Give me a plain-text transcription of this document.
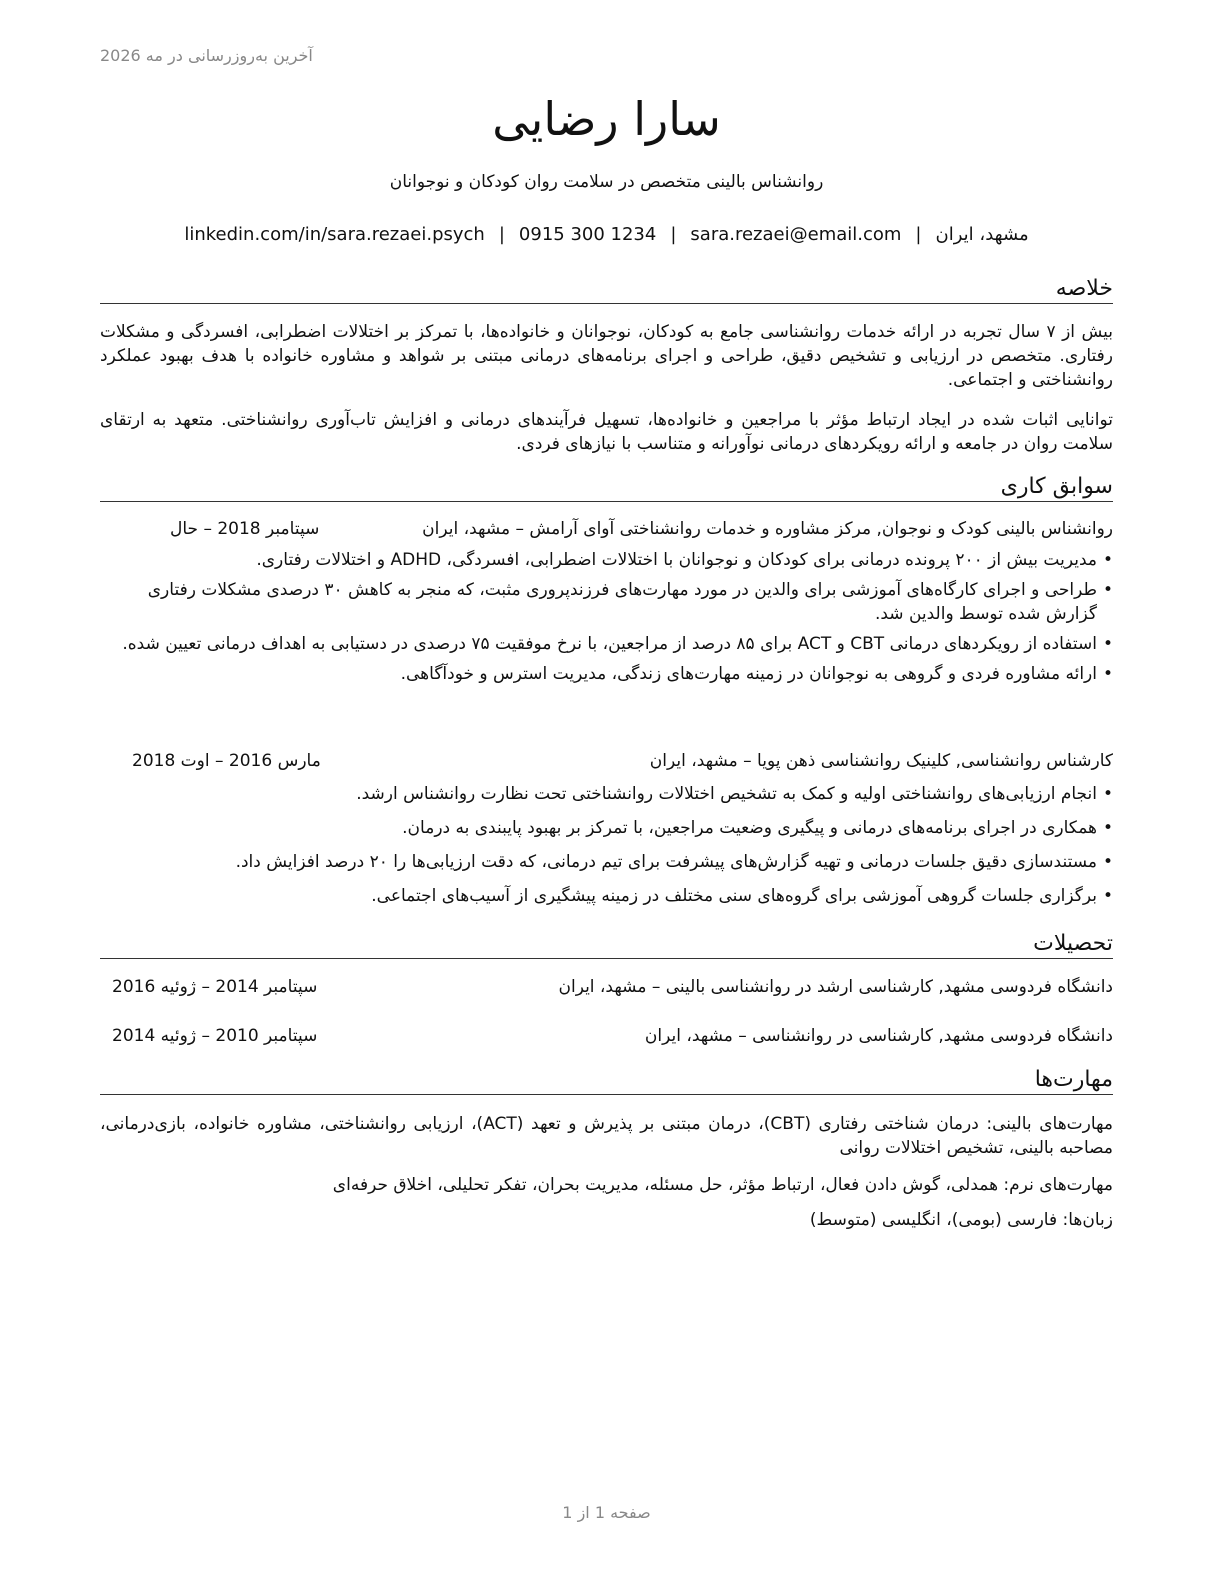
آخرین به‌روزرسانی در مه 2026
سارا رضایی
روانشناس بالینی متخصص در سلامت روان کودکان و نوجوانان
مشهد، ایران|sara.rezaei@email.com|0915 300 1234|linkedin.com/in/sara.rezaei.psych
خلاصه

بیش از ۷ سال تجربه در ارائه خدمات روانشناسی جامع به کودکان، نوجوانان و خانواده‌ها، با تمرکز بر اختلالات اضطرابی، افسردگی و مشکلات رفتاری. متخصص در ارزیابی و تشخیص دقیق، طراحی و اجرای برنامه‌های درمانی مبتنی بر شواهد و مشاوره خانواده با هدف بهبود عملکرد روانشناختی و اجتماعی.

توانایی اثبات شده در ایجاد ارتباط مؤثر با مراجعین و خانواده‌ها، تسهیل فرآیندهای درمانی و افزایش تاب‌آوری روانشناختی. متعهد به ارتقای سلامت روان در جامعه و ارائه رویکردهای درمانی نوآورانه و متناسب با نیازهای فردی.

سوابق کاری
روانشناس بالینی کودک و نوجوان, مرکز مشاوره و خدمات روانشناختی آوای آرامش – مشهد، ایران
سپتامبر 2018 – حال
• مدیریت بیش از ۲۰۰ پرونده درمانی برای کودکان و نوجوانان با اختلالات اضطرابی، افسردگی، ADHD و اختلالات رفتاری.
• طراحی و اجرای کارگاه‌های آموزشی برای والدین در مورد مهارت‌های فرزندپروری مثبت، که منجر به کاهش ۳۰ درصدی مشکلات رفتاری گزارش شده توسط والدین شد.
• استفاده از رویکردهای درمانی CBT و ACT برای ۸۵ درصد از مراجعین، با نرخ موفقیت ۷۵ درصدی در دستیابی به اهداف درمانی تعیین شده.
• ارائه مشاوره فردی و گروهی به نوجوانان در زمینه مهارت‌های زندگی، مدیریت استرس و خودآگاهی.
کارشناس روانشناسی, کلینیک روانشناسی ذهن پویا – مشهد، ایران
مارس 2016 – اوت 2018
• انجام ارزیابی‌های روانشناختی اولیه و کمک به تشخیص اختلالات روانشناختی تحت نظارت روانشناس ارشد.
• همکاری در اجرای برنامه‌های درمانی و پیگیری وضعیت مراجعین، با تمرکز بر بهبود پایبندی به درمان.
• مستندسازی دقیق جلسات درمانی و تهیه گزارش‌های پیشرفت برای تیم درمانی، که دقت ارزیابی‌ها را ۲۰ درصد افزایش داد.
• برگزاری جلسات گروهی آموزشی برای گروه‌های سنی مختلف در زمینه پیشگیری از آسیب‌های اجتماعی.
تحصیلات
دانشگاه فردوسی مشهد, کارشناسی ارشد در روانشناسی بالینی – مشهد، ایران
سپتامبر 2014 – ژوئیه 2016
دانشگاه فردوسی مشهد, کارشناسی در روانشناسی – مشهد، ایران
سپتامبر 2010 – ژوئیه 2014
مهارت‌ها

مهارت‌های بالینی: درمان شناختی رفتاری (CBT)، درمان مبتنی بر پذیرش و تعهد (ACT)، ارزیابی روانشناختی، مشاوره خانواده، بازی‌درمانی، مصاحبه بالینی، تشخیص اختلالات روانی

مهارت‌های نرم: همدلی، گوش دادن فعال، ارتباط مؤثر، حل مسئله، مدیریت بحران، تفکر تحلیلی، اخلاق حرفه‌ای

زبان‌ها: فارسی (بومی)، انگلیسی (متوسط)

صفحه 1 از 1
